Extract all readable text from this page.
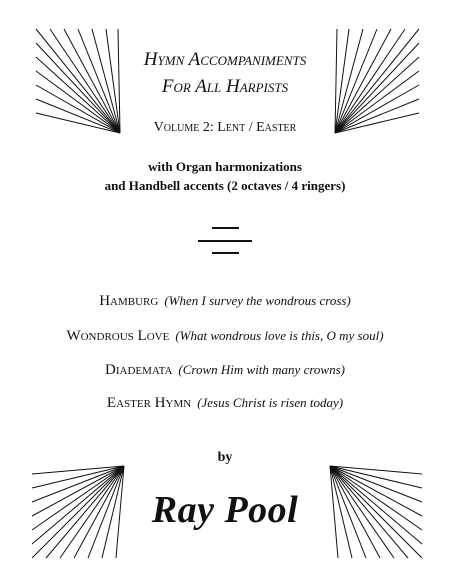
Hymn Accompaniments
For All Harpists
Volume 2: Lent / Easter
with Organ harmonizations
and Handbell accents (2 octaves / 4 ringers)
Hamburg (When I survey the wondrous cross)
Wondrous Love (What wondrous love is this, O my soul)
Diademata (Crown Him with many crowns)
Easter Hymn (Jesus Christ is risen today)
by
Ray Pool
